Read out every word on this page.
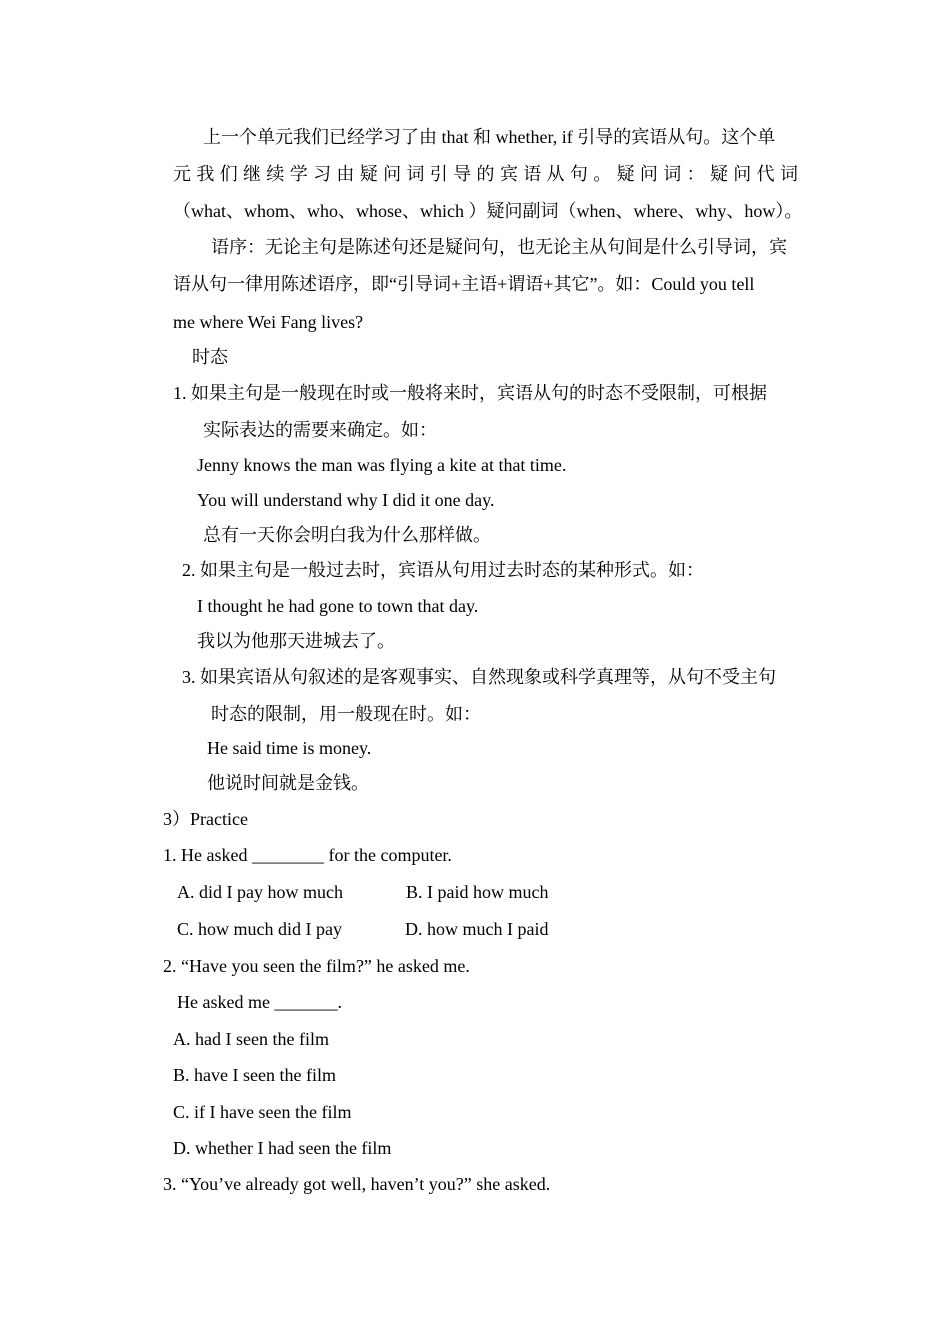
上一个单元我们已经学习了由 that 和 whether, if 引导的宾语从句。这个单
元我们继续学习由疑问词引导的宾语从句。疑问词：疑问代词
（what、whom、who、whose、which ）疑问副词（when、where、why、how）。
语序：无论主句是陈述句还是疑问句，也无论主从句间是什么引导词，宾
语从句一律用陈述语序，即“引导词+主语+谓语+其它”。如：Could you tell
me where Wei Fang lives?
时态
1. 如果主句是一般现在时或一般将来时，宾语从句的时态不受限制，可根据
实际表达的需要来确定。如：
Jenny knows the man was flying a kite at that time.
You will understand why I did it one day.
总有一天你会明白我为什么那样做。
2. 如果主句是一般过去时，宾语从句用过去时态的某种形式。如：
I thought he had gone to town that day.
我以为他那天进城去了。
3. 如果宾语从句叙述的是客观事实、自然现象或科学真理等，从句不受主句
时态的限制，用一般现在时。如：
He said time is money.
他说时间就是金钱。
3）Practice
1. He asked ________ for the computer.
A. did I pay how much	B. I paid how much
C. how much did I pay	D. how much I paid
2. “Have you seen the film?” he asked me.
He asked me _______.
A. had I seen the film
B. have I seen the film
C. if I have seen the film
D. whether I had seen the film
3. “You’ve already got well, haven’t you?” she asked.
